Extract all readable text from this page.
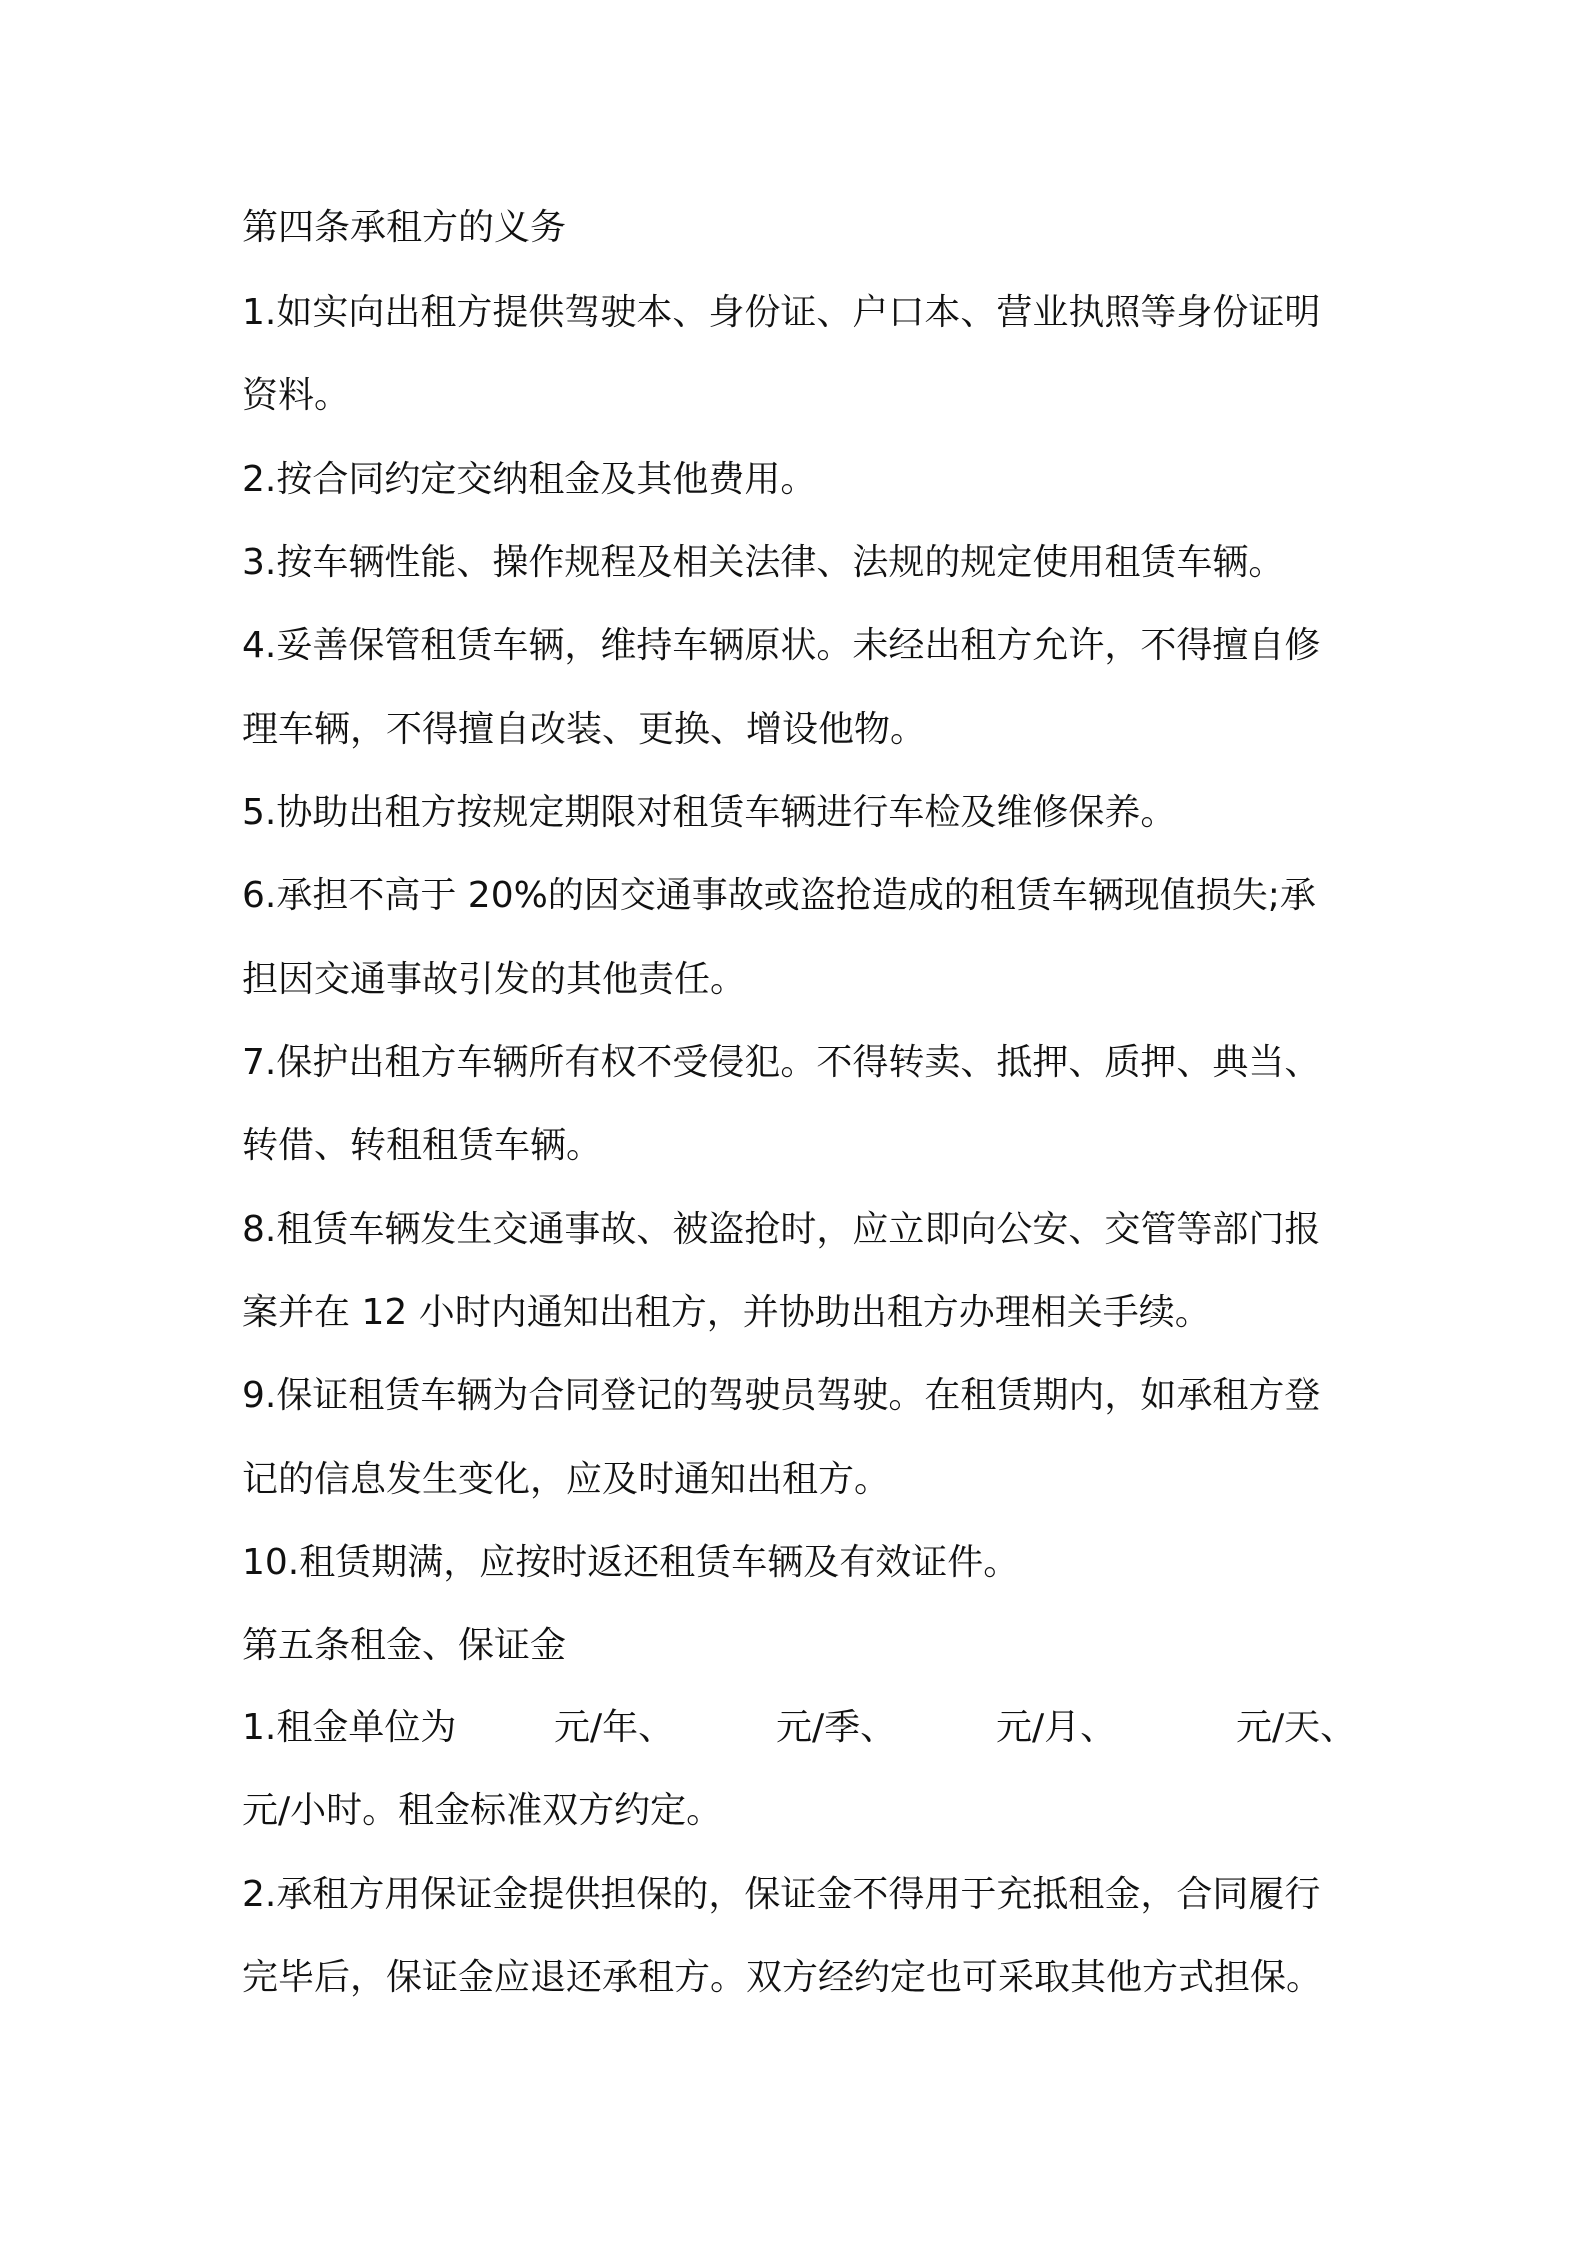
第四条承租方的义务
1.如实向出租方提供驾驶本、身份证、户口本、营业执照等身份证明
资料。
2.按合同约定交纳租金及其他费用。
3.按车辆性能、操作规程及相关法律、法规的规定使用租赁车辆。
4.妥善保管租赁车辆，维持车辆原状。未经出租方允许，不得擅自修
理车辆，不得擅自改装、更换、增设他物。
5.协助出租方按规定期限对租赁车辆进行车检及维修保养。
6.承担不高于 20%的因交通事故或盗抢造成的租赁车辆现值损失;承
担因交通事故引发的其他责任。
7.保护出租方车辆所有权不受侵犯。不得转卖、抵押、质押、典当、
转借、转租租赁车辆。
8.租赁车辆发生交通事故、被盗抢时，应立即向公安、交管等部门报
案并在 12 小时内通知出租方，并协助出租方办理相关手续。
9.保证租赁车辆为合同登记的驾驶员驾驶。在租赁期内，如承租方登
记的信息发生变化，应及时通知出租方。
10.租赁期满，应按时返还租赁车辆及有效证件。
第五条租金、保证金
1.租金单位为	元/年、	元/季、	元/月、	元/天、
元/小时。租金标准双方约定。
2.承租方用保证金提供担保的，保证金不得用于充抵租金，合同履行
完毕后，保证金应退还承租方。双方经约定也可采取其他方式担保。
